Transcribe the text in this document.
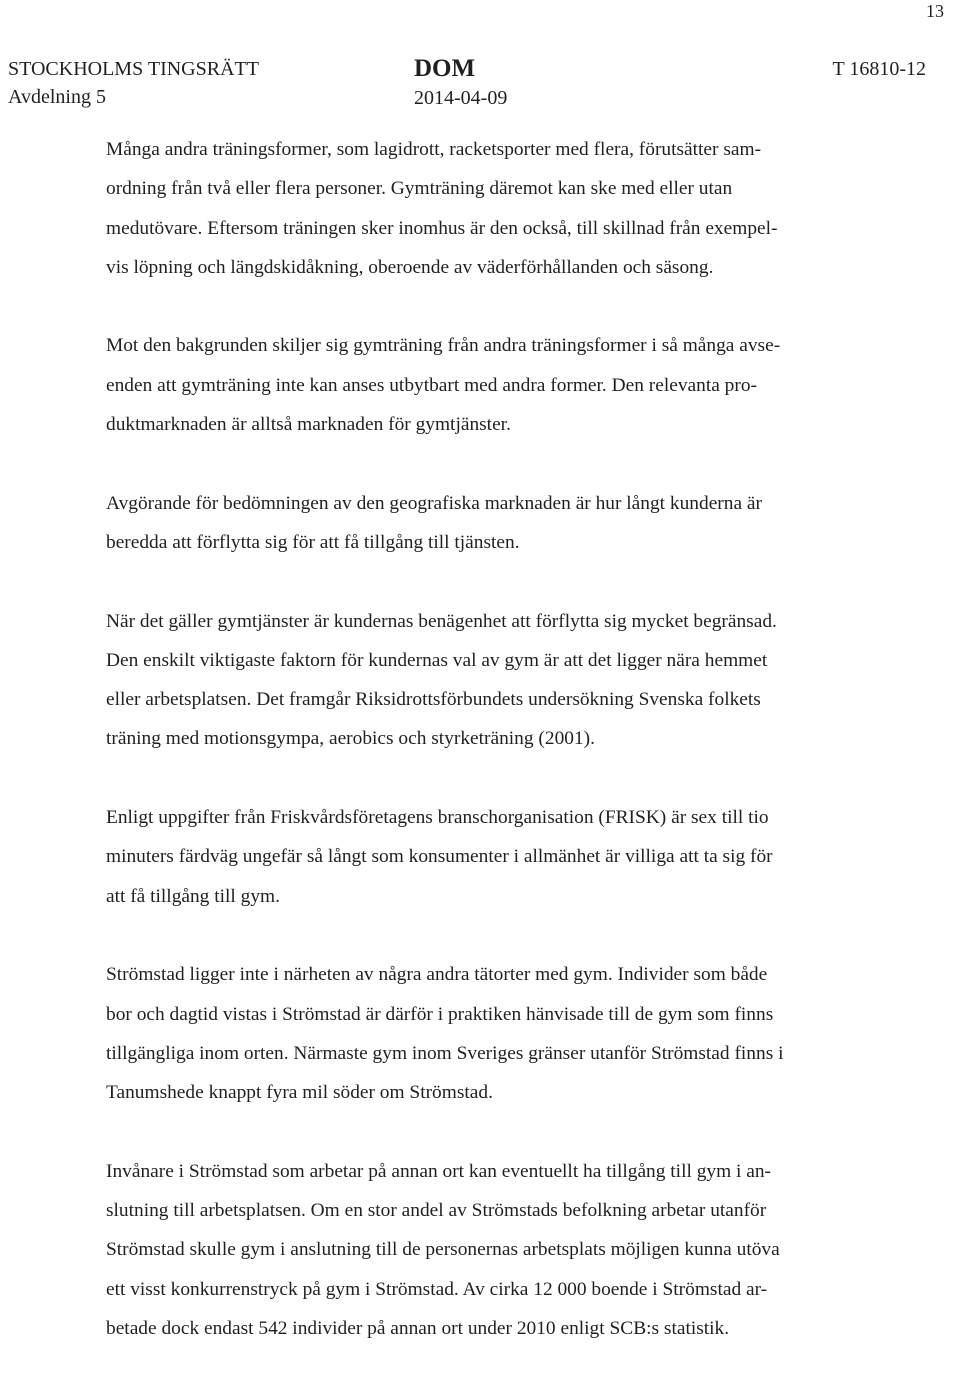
13
STOCKHOLMS TINGSRÄTT
Avdelning 5
DOM
2014-04-09
T 16810-12
Många andra träningsformer, som lagidrott, racketsporter med flera, förutsätter sam-
ordning från två eller flera personer. Gymträning däremot kan ske med eller utan
medutövare. Eftersom träningen sker inomhus är den också, till skillnad från exempel-
vis löpning och längdskidåkning, oberoende av väderförhållanden och säsong.
Mot den bakgrunden skiljer sig gymträning från andra träningsformer i så många avse-
enden att gymträning inte kan anses utbytbart med andra former. Den relevanta pro-
duktmarknaden är alltså marknaden för gymtjänster.
Avgörande för bedömningen av den geografiska marknaden är hur långt kunderna är
beredda att förflytta sig för att få tillgång till tjänsten.
När det gäller gymtjänster är kundernas benägenhet att förflytta sig mycket begränsad.
Den enskilt viktigaste faktorn för kundernas val av gym är att det ligger nära hemmet
eller arbetsplatsen. Det framgår Riksidrottsförbundets undersökning Svenska folkets
träning med motionsgympa, aerobics och styrketräning (2001).
Enligt uppgifter från Friskvårdsföretagens branschorganisation (FRISK) är sex till tio
minuters färdväg ungefär så långt som konsumenter i allmänhet är villiga att ta sig för
att få tillgång till gym.
Strömstad ligger inte i närheten av några andra tätorter med gym. Individer som både
bor och dagtid vistas i Strömstad är därför i praktiken hänvisade till de gym som finns
tillgängliga inom orten. Närmaste gym inom Sveriges gränser utanför Strömstad finns i
Tanumshede knappt fyra mil söder om Strömstad.
Invånare i Strömstad som arbetar på annan ort kan eventuellt ha tillgång till gym i an-
slutning till arbetsplatsen. Om en stor andel av Strömstads befolkning arbetar utanför
Strömstad skulle gym i anslutning till de personernas arbetsplats möjligen kunna utöva
ett visst konkurrenstryck på gym i Strömstad. Av cirka 12 000 boende i Strömstad ar-
betade dock endast 542 individer på annan ort under 2010 enligt SCB:s statistik.
